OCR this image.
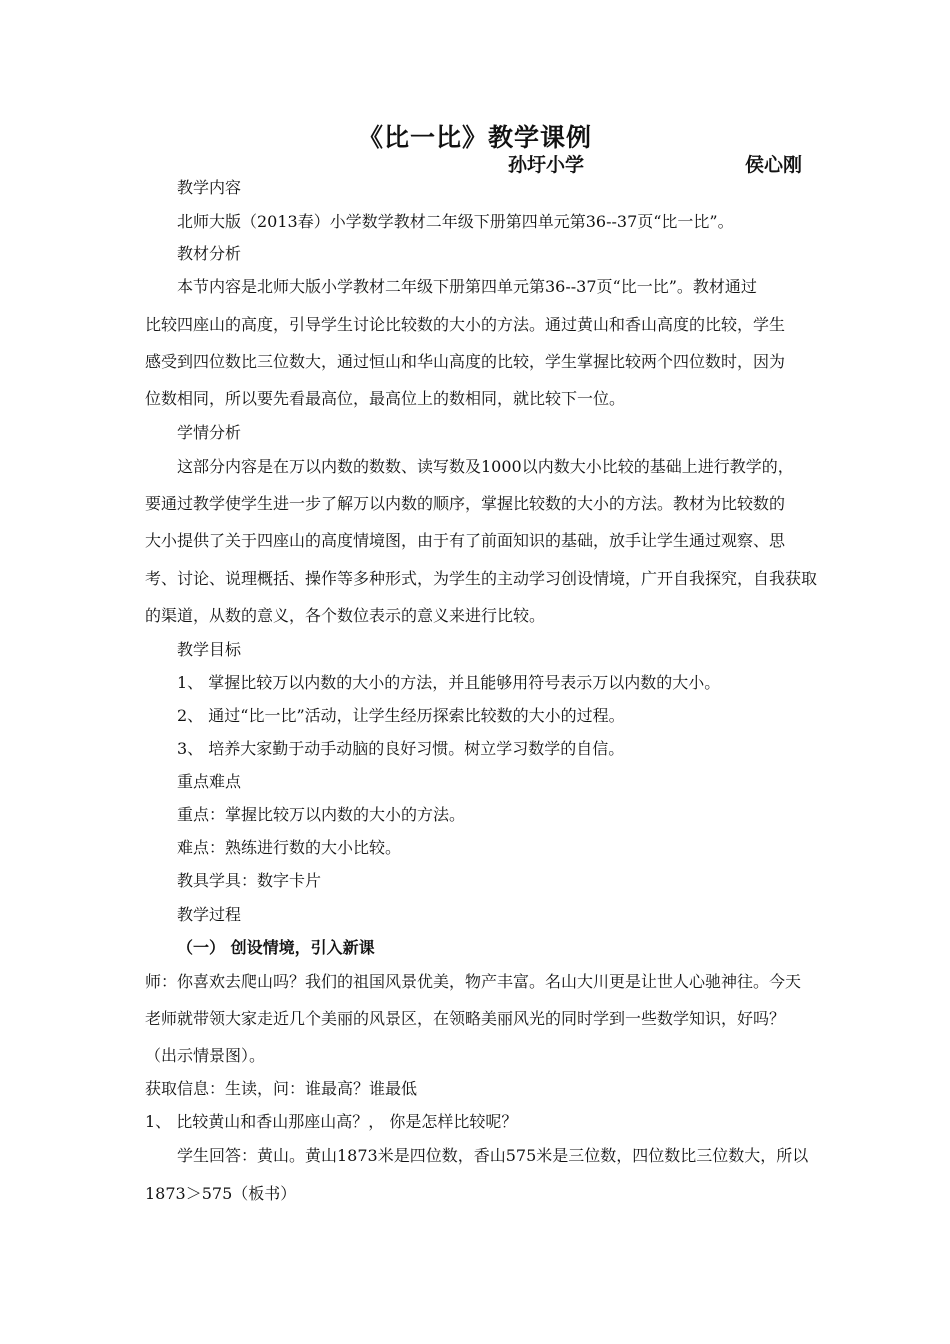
《比一比》教学课例
孙圩小学	侯心刚
教学内容
北师大版（2013春）小学数学教材二年级下册第四单元第36--37页“比一比”。
教材分析
本节内容是北师大版小学教材二年级下册第四单元第36--37页“比一比”。教材通过
比较四座山的高度，引导学生讨论比较数的大小的方法。通过黄山和香山高度的比较，学生
感受到四位数比三位数大，通过恒山和华山高度的比较，学生掌握比较两个四位数时，因为
位数相同，所以要先看最高位，最高位上的数相同，就比较下一位。
学情分析
这部分内容是在万以内数的数数、读写数及1000以内数大小比较的基础上进行教学的，
要通过教学使学生进一步了解万以内数的顺序，掌握比较数的大小的方法。教材为比较数的
大小提供了关于四座山的高度情境图，由于有了前面知识的基础，放手让学生通过观察、思
考、讨论、说理概括、操作等多种形式，为学生的主动学习创设情境，广开自我探究，自我获取
的渠道，从数的意义，各个数位表示的意义来进行比较。
教学目标
1、 掌握比较万以内数的大小的方法，并且能够用符号表示万以内数的大小。
2、 通过“比一比”活动，让学生经历探索比较数的大小的过程。
3、 培养大家勤于动手动脑的良好习惯。树立学习数学的自信。
重点难点
重点：掌握比较万以内数的大小的方法。
难点：熟练进行数的大小比较。
教具学具：数字卡片
教学过程
（一） 创设情境，引入新课
师：你喜欢去爬山吗？我们的祖国风景优美，物产丰富。名山大川更是让世人心驰神往。今天
老师就带领大家走近几个美丽的风景区，在领略美丽风光的同时学到一些数学知识，好吗？
（出示情景图）。
获取信息：生读，问：谁最高？谁最低
1、 比较黄山和香山那座山高？， 你是怎样比较呢？
学生回答：黄山。黄山1873米是四位数，香山575米是三位数，四位数比三位数大，所以
1873＞575（板书）
